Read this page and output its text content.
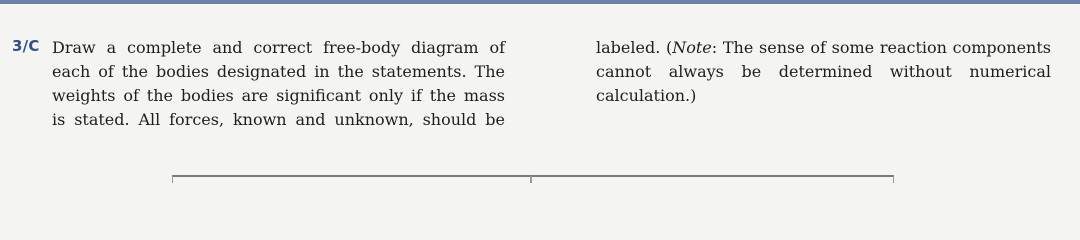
3/C Draw a complete and correct free-body diagram of
each of the bodies designated in the statements. The
weights of the bodies are significant only if the mass
is stated. All forces, known and unknown, should be
labeled. (Note: The sense of some reaction components
cannot always be determined without numerical
calculation.)
